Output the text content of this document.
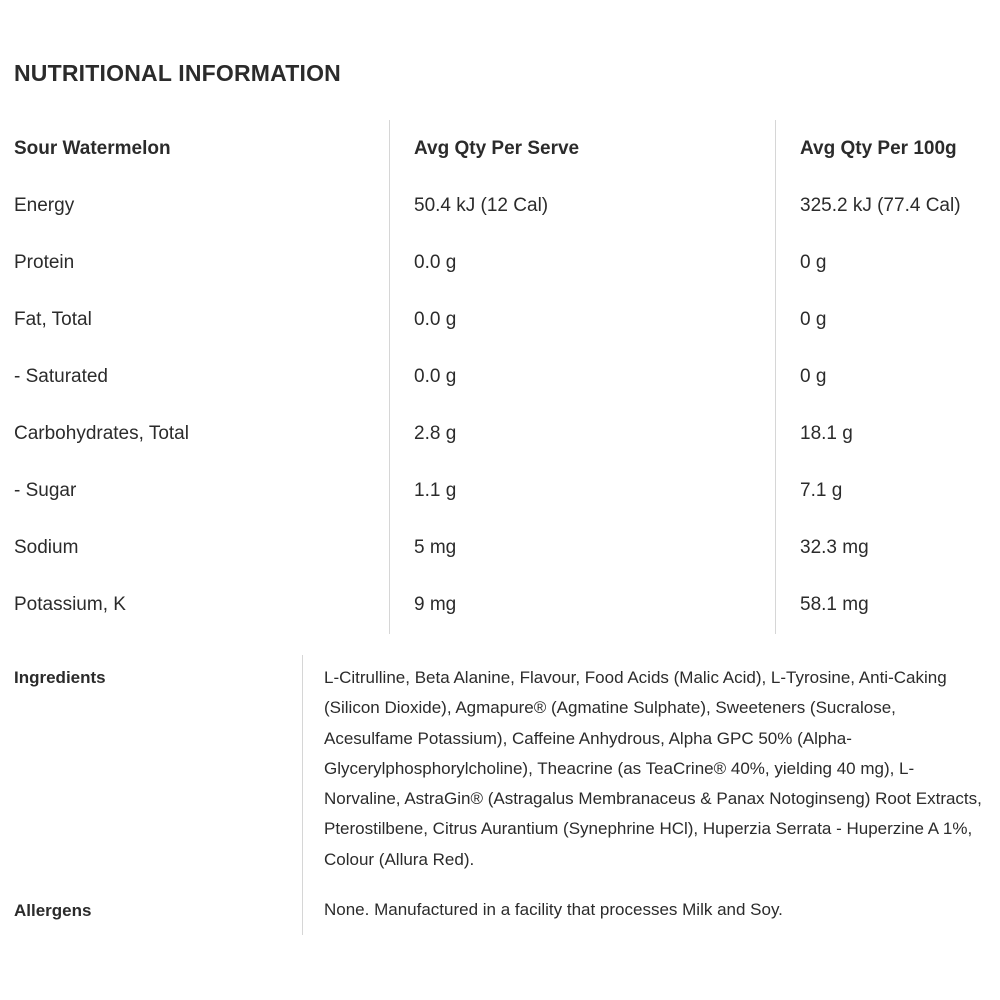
NUTRITIONAL INFORMATION
Sour Watermelon	Avg Qty Per Serve	Avg Qty Per 100g
Energy	50.4 kJ (12 Cal)	325.2 kJ (77.4 Cal)
Protein	0.0 g	0 g
Fat, Total	0.0 g	0 g
- Saturated	0.0 g	0 g
Carbohydrates, Total	2.8 g	18.1 g
- Sugar	1.1 g	7.1 g
Sodium	5 mg	32.3 mg
Potassium, K	9 mg	58.1 mg
Ingredients	L-Citrulline, Beta Alanine, Flavour, Food Acids (Malic Acid), L-Tyrosine, Anti-Caking (Silicon Dioxide), Agmapure® (Agmatine Sulphate), Sweeteners (Sucralose, Acesulfame Potassium), Caffeine Anhydrous, Alpha GPC 50% (Alpha-Glycerylphosphorylcholine), Theacrine (as TeaCrine® 40%, yielding 40 mg), L-Norvaline, AstraGin® (Astragalus Membranaceus & Panax Notoginseng) Root Extracts, Pterostilbene, Citrus Aurantium (Synephrine HCl), Huperzia Serrata - Huperzine A 1%, Colour (Allura Red).

Allergens	None. Manufactured in a facility that processes Milk and Soy.
